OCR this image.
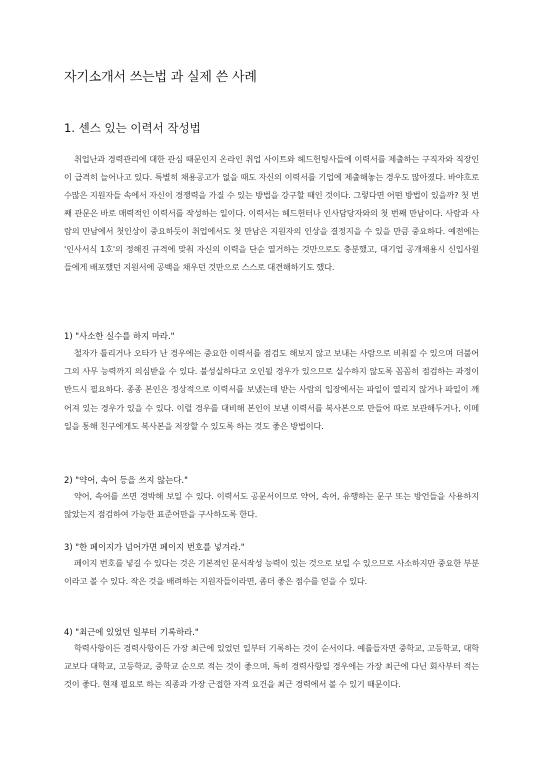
자기소개서 쓰는법 과 실제 쓴 사례
1. 센스 있는 이력서 작성법

취업난과 경력관리에 대한 관심 때문인지 온라인 취업 사이트와 헤드헌팅사들에 이력서를 제출하는 구직자와 직장인이 급격히 늘어나고 있다. 특별히 채용공고가 없을 때도 자신의 이력서를 기업에 제출해놓는 경우도 많아졌다. 바야흐로 수많은 지원자들 속에서 자신이 경쟁력을 가질 수 있는 방법을 강구할 때인 것이다. 그렇다면 어떤 방법이 있을까? 첫 번째 관문은 바로 매력적인 이력서를 작성하는 일이다. 이력서는 헤드헌터나 인사담당자와의 첫 번째 만남이다. 사람과 사람의 만남에서 첫인상이 중요하듯이 취업에서도 첫 만남은 지원자의 인상을 결정지을 수 있을 만큼 중요하다. 예전에는 '인사서식 1호'의 정해진 규격에 맞춰 자신의 이력을 단순 열거하는 것만으로도 충분했고, 대기업 공개채용시 신입사원들에게 배포했던 지원서에 공백을 채우던 것만으로 스스로 대견해하기도 했다.

1) "사소한 실수를 하지 마라."

철자가 틀리거나 오타가 난 경우에는 중요한 이력서를 점검도 해보지 않고 보내는 사람으로 비춰질 수 있으며 더불어 그의 사무 능력까지 의심받을 수 있다. 불성실하다고 오인될 경우가 있으므로 실수하지 않도록 꼼꼼히 점검하는 과정이 반드시 필요하다. 종종 본인은 정상적으로 이력서를 보냈는데 받는 사람의 입장에서는 파일이 열리지 않거나 파일이 깨어져 있는 경우가 있을 수 있다. 이럴 경우를 대비해 본인이 보낸 이력서를 복사본으로 만들어 따로 보관해두거나, 이메일을 통해 친구에게도 복사본을 저장할 수 있도록 하는 것도 좋은 방법이다.

2) "약어, 속어 등을 쓰지 않는다."

약어, 속어를 쓰면 경박해 보일 수 있다. 이력서도 공문서이므로 약어, 속어, 유행하는 문구 또는 방언들을 사용하지 않았는지 점검하여 가능한 표준어만을 구사하도록 한다.

3) "한 페이지가 넘어가면 페이지 번호를 넣겨라."

페이지 번호를 넣길 수 있다는 것은 기본적인 문서작성 능력이 있는 것으로 보일 수 있으므로 사소하지만 중요한 부분이라고 볼 수 있다. 작은 것을 배려하는 지원자들이라면, 좀더 좋은 점수를 얻을 수 있다.

4) "최근에 있었던 일부터 기록하라."

학력사항이든 경력사항이든 가장 최근에 있었던 일부터 기록하는 것이 순서이다. 예를들자면 중학교, 고등학교, 대학교보다 대학교, 고등학교, 중학교 순으로 적는 것이 좋으며, 특히 경력사항일 경우에는 가장 최근에 다닌 회사부터 적는 것이 좋다. 현재 필요로 하는 직종과 가장 근접한 자격 요건을 최근 경력에서 볼 수 있기 때문이다.
